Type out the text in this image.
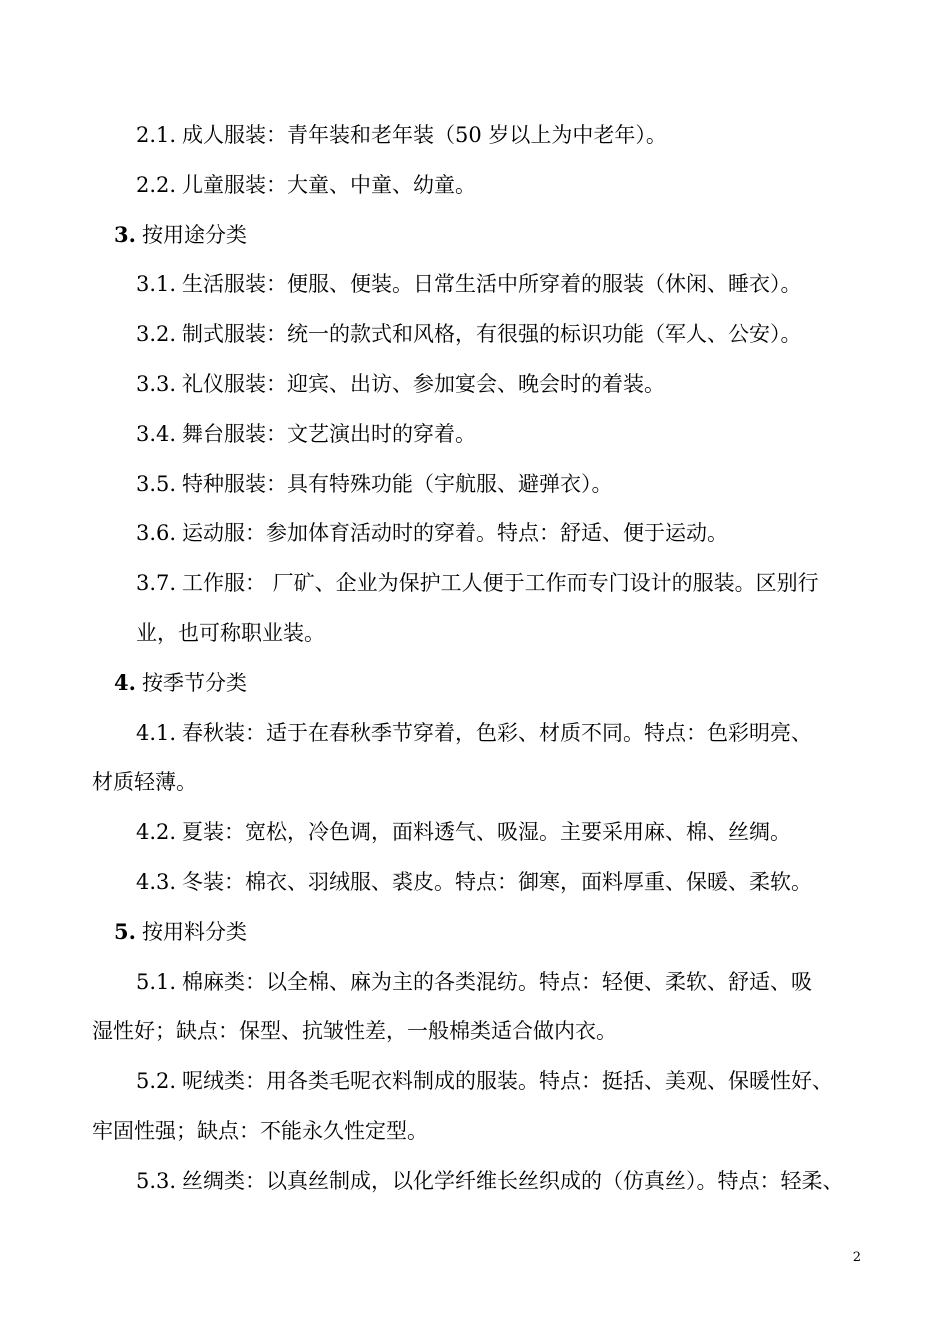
2.1. 成人服装：青年装和老年装（50 岁以上为中老年）。
2.2. 儿童服装：大童、中童、幼童。
3. 按用途分类
3.1. 生活服装：便服、便装。日常生活中所穿着的服装（休闲、睡衣）。
3.2. 制式服装：统一的款式和风格，有很强的标识功能（军人、公安）。
3.3. 礼仪服装：迎宾、出访、参加宴会、晚会时的着装。
3.4. 舞台服装：文艺演出时的穿着。
3.5. 特种服装：具有特殊功能（宇航服、避弹衣）。
3.6. 运动服：参加体育活动时的穿着。特点：舒适、便于运动。
3.7. 工作服： 厂矿、企业为保护工人便于工作而专门设计的服装。区别行
业，也可称职业装。
4. 按季节分类
4.1. 春秋装：适于在春秋季节穿着，色彩、材质不同。特点：色彩明亮、
材质轻薄。
4.2. 夏装：宽松，冷色调，面料透气、吸湿。主要采用麻、棉、丝绸。
4.3. 冬装：棉衣、羽绒服、裘皮。特点：御寒，面料厚重、保暖、柔软。
5. 按用料分类
5.1. 棉麻类：以全棉、麻为主的各类混纺。特点：轻便、柔软、舒适、吸
湿性好；缺点：保型、抗皱性差，一般棉类适合做内衣。
5.2. 呢绒类：用各类毛呢衣料制成的服装。特点：挺括、美观、保暖性好、
牢固性强；缺点：不能永久性定型。
5.3. 丝绸类：以真丝制成，以化学纤维长丝织成的（仿真丝）。特点：轻柔、
2
